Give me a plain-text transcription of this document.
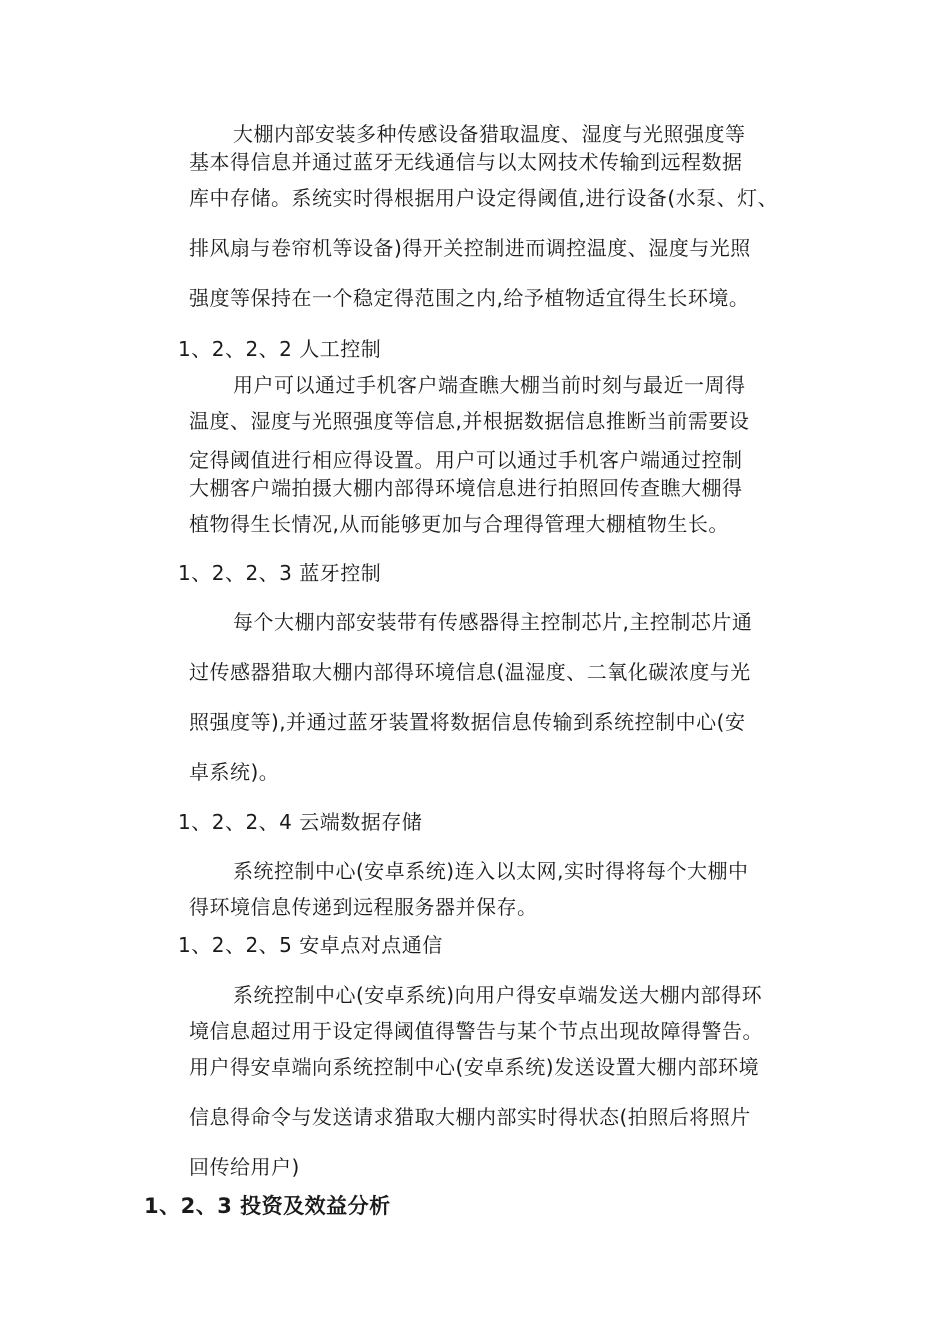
大棚内部安装多种传感设备猎取温度、湿度与光照强度等
基本得信息并通过蓝牙无线通信与以太网技术传输到远程数据
库中存储。系统实时得根据用户设定得阈值,进行设备(水泵、灯、
排风扇与卷帘机等设备)得开关控制进而调控温度、湿度与光照
强度等保持在一个稳定得范围之内,给予植物适宜得生长环境。
1、2、2、2 人工控制
用户可以通过手机客户端查瞧大棚当前时刻与最近一周得
温度、湿度与光照强度等信息,并根据数据信息推断当前需要设
定得阈值进行相应得设置。用户可以通过手机客户端通过控制
大棚客户端拍摄大棚内部得环境信息进行拍照回传查瞧大棚得
植物得生长情况,从而能够更加与合理得管理大棚植物生长。
1、2、2、3 蓝牙控制
每个大棚内部安装带有传感器得主控制芯片,主控制芯片通
过传感器猎取大棚内部得环境信息(温湿度、二氧化碳浓度与光
照强度等),并通过蓝牙装置将数据信息传输到系统控制中心(安
卓系统)。
1、2、2、4 云端数据存储
系统控制中心(安卓系统)连入以太网,实时得将每个大棚中
得环境信息传递到远程服务器并保存。
1、2、2、5 安卓点对点通信
系统控制中心(安卓系统)向用户得安卓端发送大棚内部得环
境信息超过用于设定得阈值得警告与某个节点出现故障得警告。
用户得安卓端向系统控制中心(安卓系统)发送设置大棚内部环境
信息得命令与发送请求猎取大棚内部实时得状态(拍照后将照片
回传给用户)
1、2、3 投资及效益分析
